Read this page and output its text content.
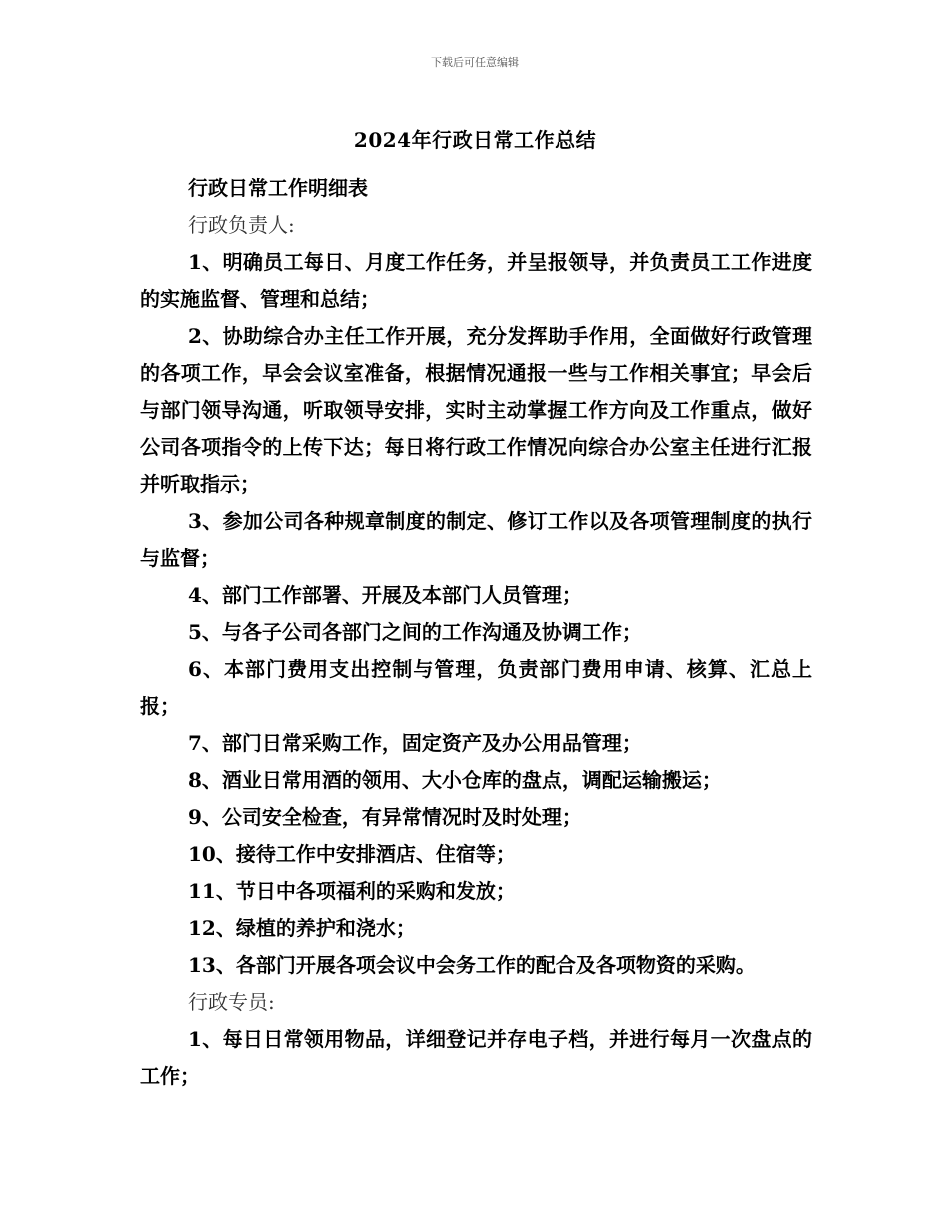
下载后可任意编辑
2024年行政日常工作总结

行政日常工作明细表

行政负责人:

1、明确员工每日、月度工作任务，并呈报领导，并负责员工工作进度的实施监督、管理和总结；

2、协助综合办主任工作开展，充分发挥助手作用，全面做好行政管理的各项工作，早会会议室准备，根据情况通报一些与工作相关事宜；早会后与部门领导沟通，听取领导安排，实时主动掌握工作方向及工作重点，做好公司各项指令的上传下达；每日将行政工作情况向综合办公室主任进行汇报并听取指示；

3、参加公司各种规章制度的制定、修订工作以及各项管理制度的执行与监督；

4、部门工作部署、开展及本部门人员管理；

5、与各子公司各部门之间的工作沟通及协调工作；

6、本部门费用支出控制与管理，负责部门费用申请、核算、汇总上报；

7、部门日常采购工作，固定资产及办公用品管理；

8、酒业日常用酒的领用、大小仓库的盘点，调配运输搬运；

9、公司安全检查，有异常情况时及时处理；

10、接待工作中安排酒店、住宿等；

11、节日中各项福利的采购和发放；

12、绿植的养护和浇水；

13、各部门开展各项会议中会务工作的配合及各项物资的采购。

行政专员:

1、每日日常领用物品，详细登记并存电子档，并进行每月一次盘点的工作；
